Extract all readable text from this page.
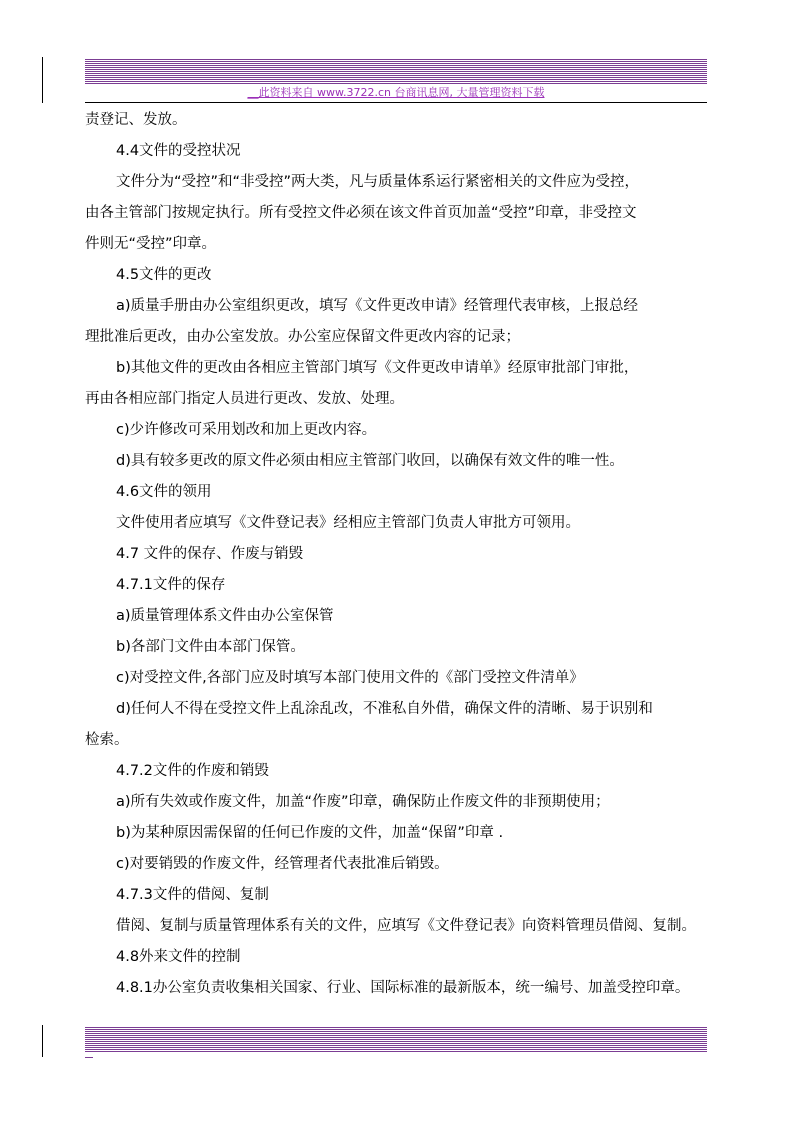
__此资料来自 www.3722.cn 台商讯息网, 大量管理资料下载
责登记、发放。
4.4文件的受控状况
文件分为“受控”和“非受控”两大类，凡与质量体系运行紧密相关的文件应为受控，
由各主管部门按规定执行。所有受控文件必须在该文件首页加盖“受控”印章，非受控文
件则无“受控”印章。
4.5文件的更改
a)质量手册由办公室组织更改，填写《文件更改申请》经管理代表审核，上报总经
理批准后更改，由办公室发放。办公室应保留文件更改内容的记录；
b)其他文件的更改由各相应主管部门填写《文件更改申请单》经原审批部门审批，
再由各相应部门指定人员进行更改、发放、处理。
c)少许修改可采用划改和加上更改内容。
d)具有较多更改的原文件必须由相应主管部门收回，以确保有效文件的唯一性。
4.6文件的领用
文件使用者应填写《文件登记表》经相应主管部门负责人审批方可领用。
4.7 文件的保存、作废与销毁
4.7.1文件的保存
a)质量管理体系文件由办公室保管
b)各部门文件由本部门保管。
c)对受控文件,各部门应及时填写本部门使用文件的《部门受控文件清单》
d)任何人不得在受控文件上乱涂乱改，不准私自外借，确保文件的清晰、易于识别和
检索。
4.7.2文件的作废和销毁
a)所有失效或作废文件，加盖“作废”印章，确保防止作废文件的非预期使用；
b)为某种原因需保留的任何已作废的文件，加盖“保留”印章 .
c)对要销毁的作废文件，经管理者代表批准后销毁。
4.7.3文件的借阅、复制
借阅、复制与质量管理体系有关的文件，应填写《文件登记表》向资料管理员借阅、复制。
4.8外来文件的控制
4.8.1办公室负责收集相关国家、行业、国际标准的最新版本，统一编号、加盖受控印章。
